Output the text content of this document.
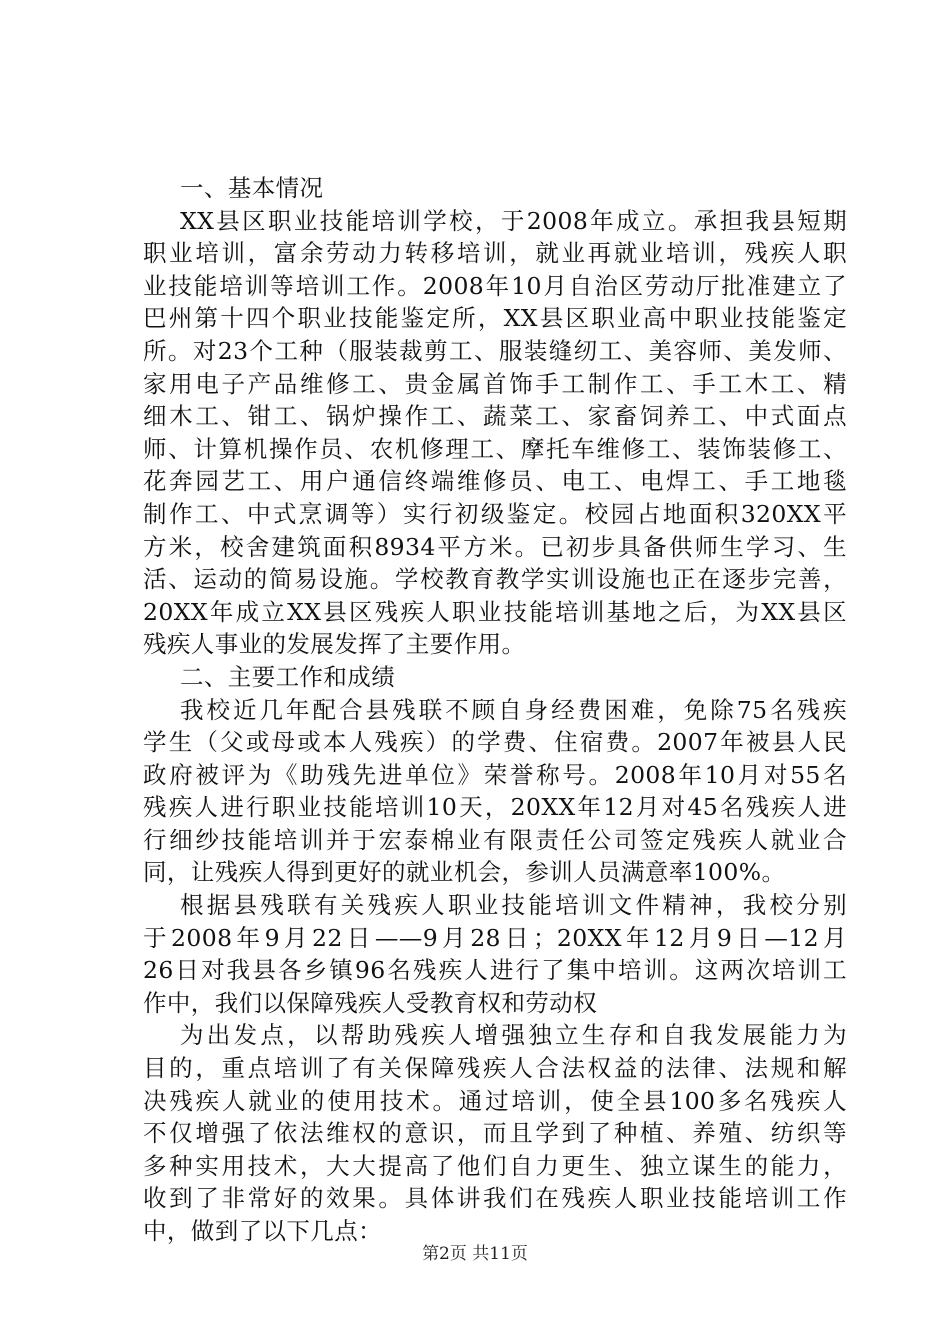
一、基本情况
XX县区职业技能培训学校，于2008年成立。承担我县短期
职业培训，富余劳动力转移培训，就业再就业培训，残疾人职
业技能培训等培训工作。2008年10月自治区劳动厅批准建立了
巴州第十四个职业技能鉴定所，XX县区职业高中职业技能鉴定
所。对23个工种（服装裁剪工、服装缝纫工、美容师、美发师、
家用电子产品维修工、贵金属首饰手工制作工、手工木工、精
细木工、钳工、锅炉操作工、蔬菜工、家畜饲养工、中式面点
师、计算机操作员、农机修理工、摩托车维修工、装饰装修工、
花奔园艺工、用户通信终端维修员、电工、电焊工、手工地毯
制作工、中式烹调等）实行初级鉴定。校园占地面积320XX平
方米，校舍建筑面积8934平方米。已初步具备供师生学习、生
活、运动的简易设施。学校教育教学实训设施也正在逐步完善，
20XX年成立XX县区残疾人职业技能培训基地之后，为XX县区
残疾人事业的发展发挥了主要作用。
二、主要工作和成绩
我校近几年配合县残联不顾自身经费困难，免除75名残疾
学生（父或母或本人残疾）的学费、住宿费。2007年被县人民
政府被评为《助残先进单位》荣誉称号。2008年10月对55名
残疾人进行职业技能培训10天，20XX年12月对45名残疾人进
行细纱技能培训并于宏泰棉业有限责任公司签定残疾人就业合
同，让残疾人得到更好的就业机会，参训人员满意率100%。
根据县残联有关残疾人职业技能培训文件精神，我校分别
于2008年9月22日——9月28日；20XX年12月9日—12月
26日对我县各乡镇96名残疾人进行了集中培训。这两次培训工
作中，我们以保障残疾人受教育权和劳动权
为出发点，以帮助残疾人增强独立生存和自我发展能力为
目的，重点培训了有关保障残疾人合法权益的法律、法规和解
决残疾人就业的使用技术。通过培训，使全县100多名残疾人
不仅增强了依法维权的意识，而且学到了种植、养殖、纺织等
多种实用技术，大大提高了他们自力更生、独立谋生的能力，
收到了非常好的效果。具体讲我们在残疾人职业技能培训工作
中，做到了以下几点：
第2页 共11页
